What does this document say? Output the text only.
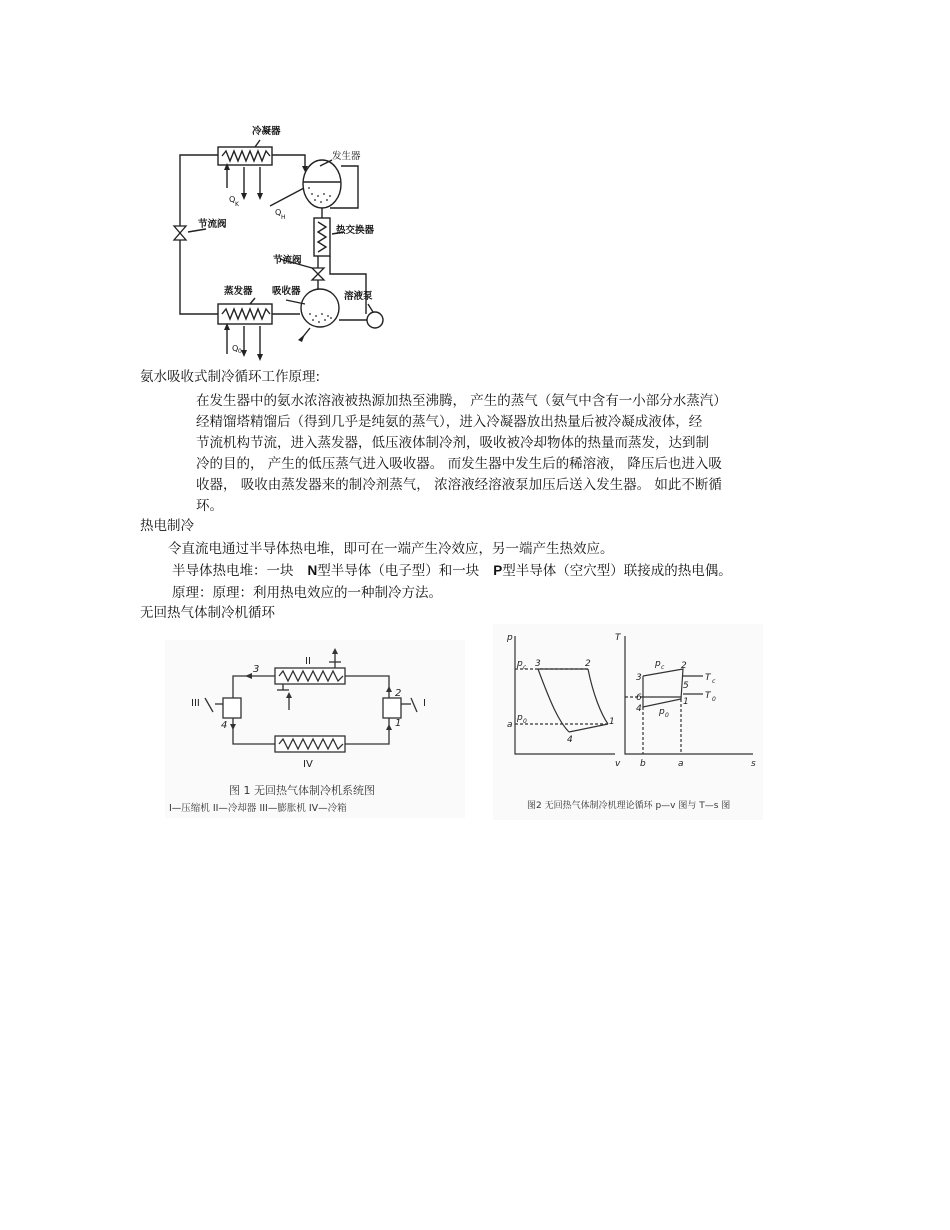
冷凝器
发生器
Q
K
Q
H
节流阀
热交换器
节流阀
蒸发器 吸收器	溶液泵
Q 0
氨水吸收式制冷循环工作原理:
在发生器中的氨水浓溶液被热源加热至沸腾， 产生的蒸气（氨气中含有一小部分水蒸汽）
经精馏塔精馏后（得到几乎是纯氨的蒸气），进入冷凝器放出热量后被冷凝成液体，经
节流机构节流，进入蒸发器，低压液体制冷剂，吸收被冷却物体的热量而蒸发，达到制
冷的目的， 产生的低压蒸气进入吸收器。 而发生器中发生后的稀溶液， 降压后也进入吸
收器， 吸收由蒸发器来的制冷剂蒸气， 浓溶液经溶液泵加压后送入发生器。 如此不断循
环。
热电制冷
令直流电通过半导体热电堆，即可在一端产生冷效应，另一端产生热效应。
半导体热电堆：一块 N型半导体（电子型）和一块 P型半导体（空穴型）联接成的热电偶。
原理：原理：利用热电效应的一种制冷方法。
无回热气体制冷机循环
II
I
III
IV
3
2
4	1
图 1 无回热气体制冷机系统图
I—压缩机 II—冷却器 III—膨胀机 IV—冷箱
p
v
p c
p 0
a
3	2
1
4
T
s
p c
p 0
T c
T 0
2
3
5
6
4
1
b	a
图2 无回热气体制冷机理论循环 p—v 图与 T—s 图
